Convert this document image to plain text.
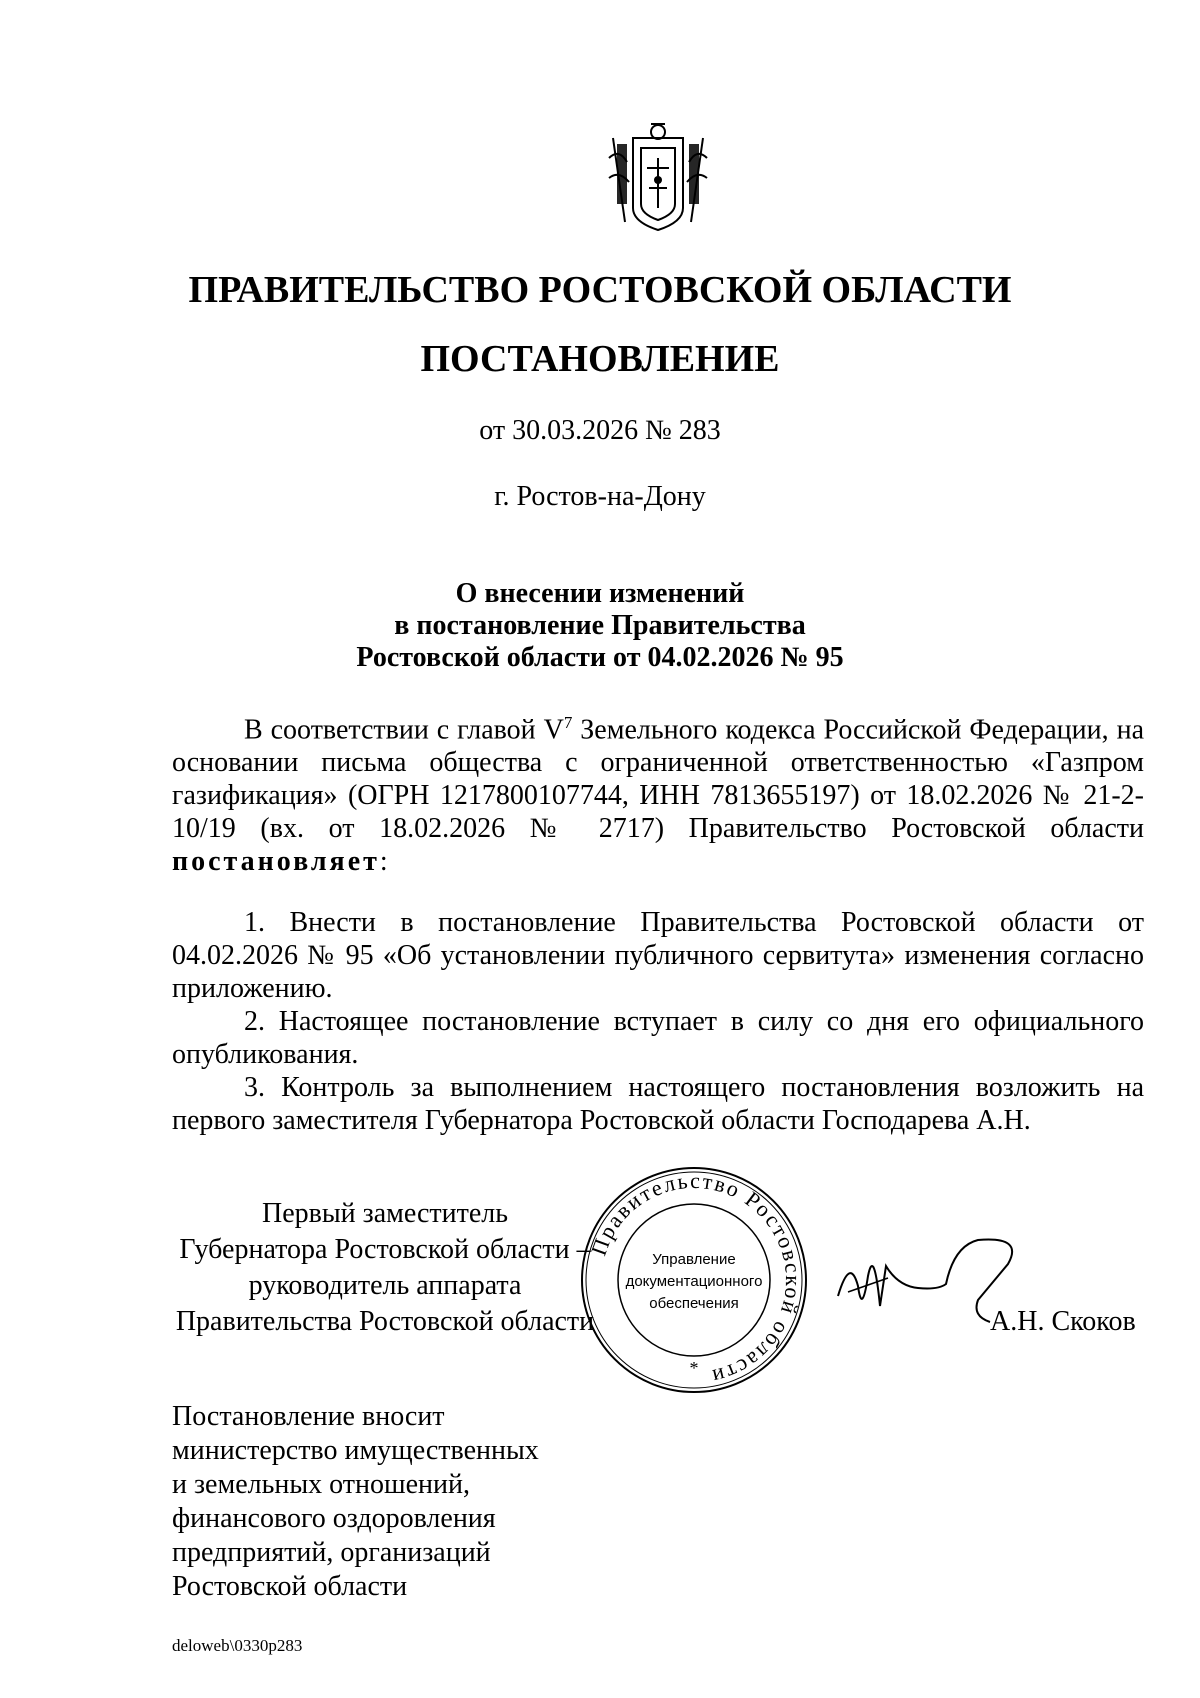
ПРАВИТЕЛЬСТВО РОСТОВСКОЙ ОБЛАСТИ
ПОСТАНОВЛЕНИЕ
от 30.03.2026 № 283
г. Ростов-на-Дону
О внесении изменений
в постановление Правительства
Ростовской области от 04.02.2026 № 95

В соответствии с главой $V^7$ Земельного кодекса Российской Федерации, на основании письма общества с ограниченной ответственностью «Газпром газификация» (ОГРН 1217800107744, ИНН 7813655197) от 18.02.2026 № 21-2-10/19 (вх. от 18.02.2026 № 2717) Правительство Ростовской области постановляет:

1. Внести в постановление Правительства Ростовской области от 04.02.2026 № 95 «Об установлении публичного сервитута» изменения согласно приложению.

2. Настоящее постановление вступает в силу со дня его официального опубликования.

3. Контроль за выполнением настоящего постановления возложить на первого заместителя Губернатора Ростовской области Господарева А.Н.

Первый заместитель
Губернатора Ростовской области –
руководитель аппарата
Правительства Ростовской области
Правительство Ростовской области
Управление
документационного
обеспечения
*
А.Н. Скоков
Постановление вносит
министерство имущественных
и земельных отношений,
финансового оздоровления
предприятий, организаций
Ростовской области
deloweb\0330p283
